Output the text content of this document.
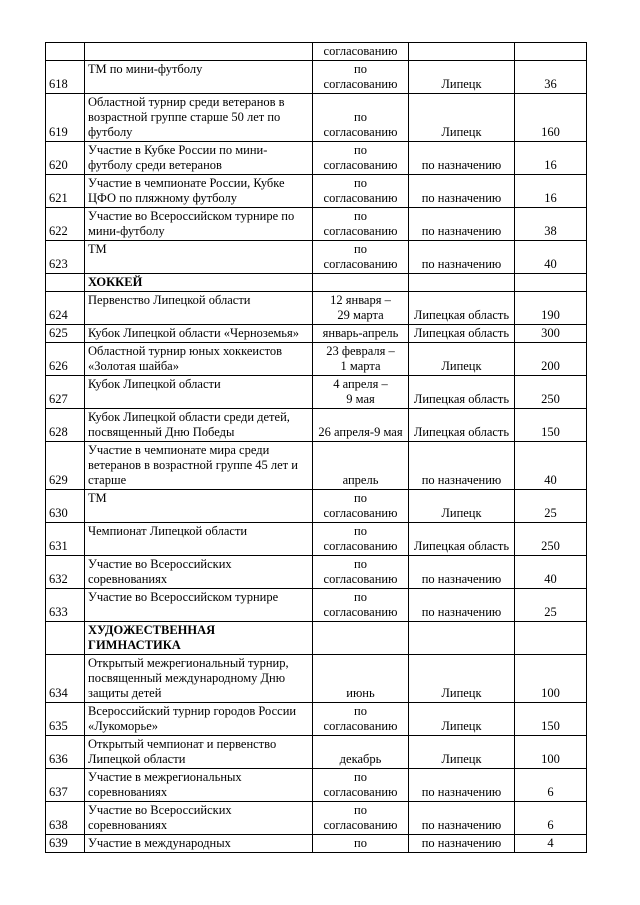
		согласованию		
618	ТМ по мини-футболу	по
согласованию	Липецк	36
619	Областной турнир среди ветеранов в
возрастной группе старше 50 лет по
футболу	по
согласованию	Липецк	160
620	Участие в Кубке России по мини-
футболу среди ветеранов	по
согласованию	по назначению	16
621	Участие в чемпионате России, Кубке
ЦФО по пляжному футболу	по
согласованию	по назначению	16
622	Участие во Всероссийском турнире по
мини-футболу	по
согласованию	по назначению	38
623	ТМ	по
согласованию	по назначению	40
	ХОККЕЙ			
624	Первенство Липецкой области	12 января –
29 марта	Липецкая область	190
625	Кубок Липецкой области «Черноземья»	январь-апрель	Липецкая область	300
626	Областной турнир юных хоккеистов
«Золотая шайба»	23 февраля –
1 марта	Липецк	200
627	Кубок Липецкой области	4 апреля –
9 мая	Липецкая область	250
628	Кубок Липецкой области среди детей,
посвященный Дню Победы	26 апреля-9 мая	Липецкая область	150
629	Участие в чемпионате мира среди
ветеранов в возрастной группе 45 лет и
старше	апрель	по назначению	40
630	ТМ	по
согласованию	Липецк	25
631	Чемпионат Липецкой области	по
согласованию	Липецкая область	250
632	Участие во Всероссийских
соревнованиях	по
согласованию	по назначению	40
633	Участие во Всероссийском турнире	по
согласованию	по назначению	25
	ХУДОЖЕСТВЕННАЯ
ГИМНАСТИКА			
634	Открытый межрегиональный турнир,
посвященный международному Дню
защиты детей	июнь	Липецк	100
635	Всероссийский турнир городов России
«Лукоморье»	по
согласованию	Липецк	150
636	Открытый чемпионат и первенство
Липецкой области	декабрь	Липецк	100
637	Участие в межрегиональных
соревнованиях	по
согласованию	по назначению	6
638	Участие во Всероссийских
соревнованиях	по
согласованию	по назначению	6
639	Участие в международных	по	по назначению	4
